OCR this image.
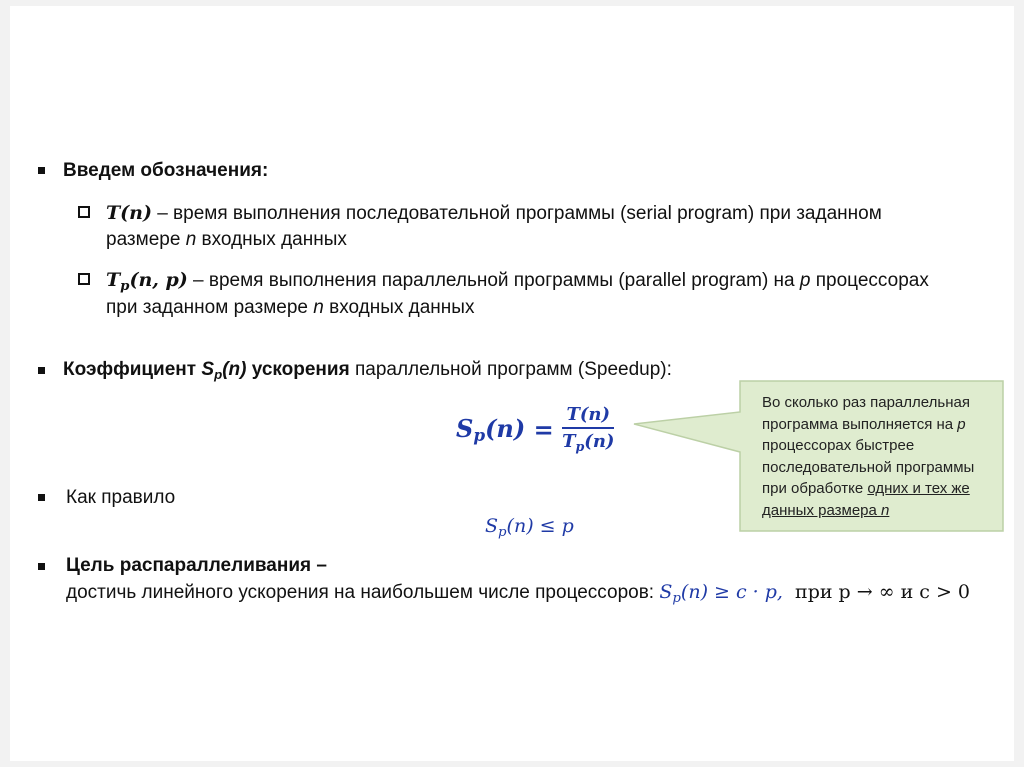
Во сколько раз параллельная
программа выполняется на p
процессорах быстрее
последовательной программы
при обработке одних и тех же
данных размера n
Введем обозначения:
T(n) – время выполнения последовательной программы (serial program) при заданном
размере n входных данных
$T_p(n$, p) – время выполнения параллельной программы (parallel program) на p процессорах
при заданном размере n входных данных
Коэффициент $S_p(n)$ ускорения параллельной программ (Speedup):
$S_p(n) = \frac{T(n)}{T_p(n)}$
Как правило
$S_p(n) \le p$
Цель распараллеливания –
достичь линейного ускорения на наибольшем числе процессоров: $S_p(n) \ge c \cdot p$,  при p → ∞ и c > 0
